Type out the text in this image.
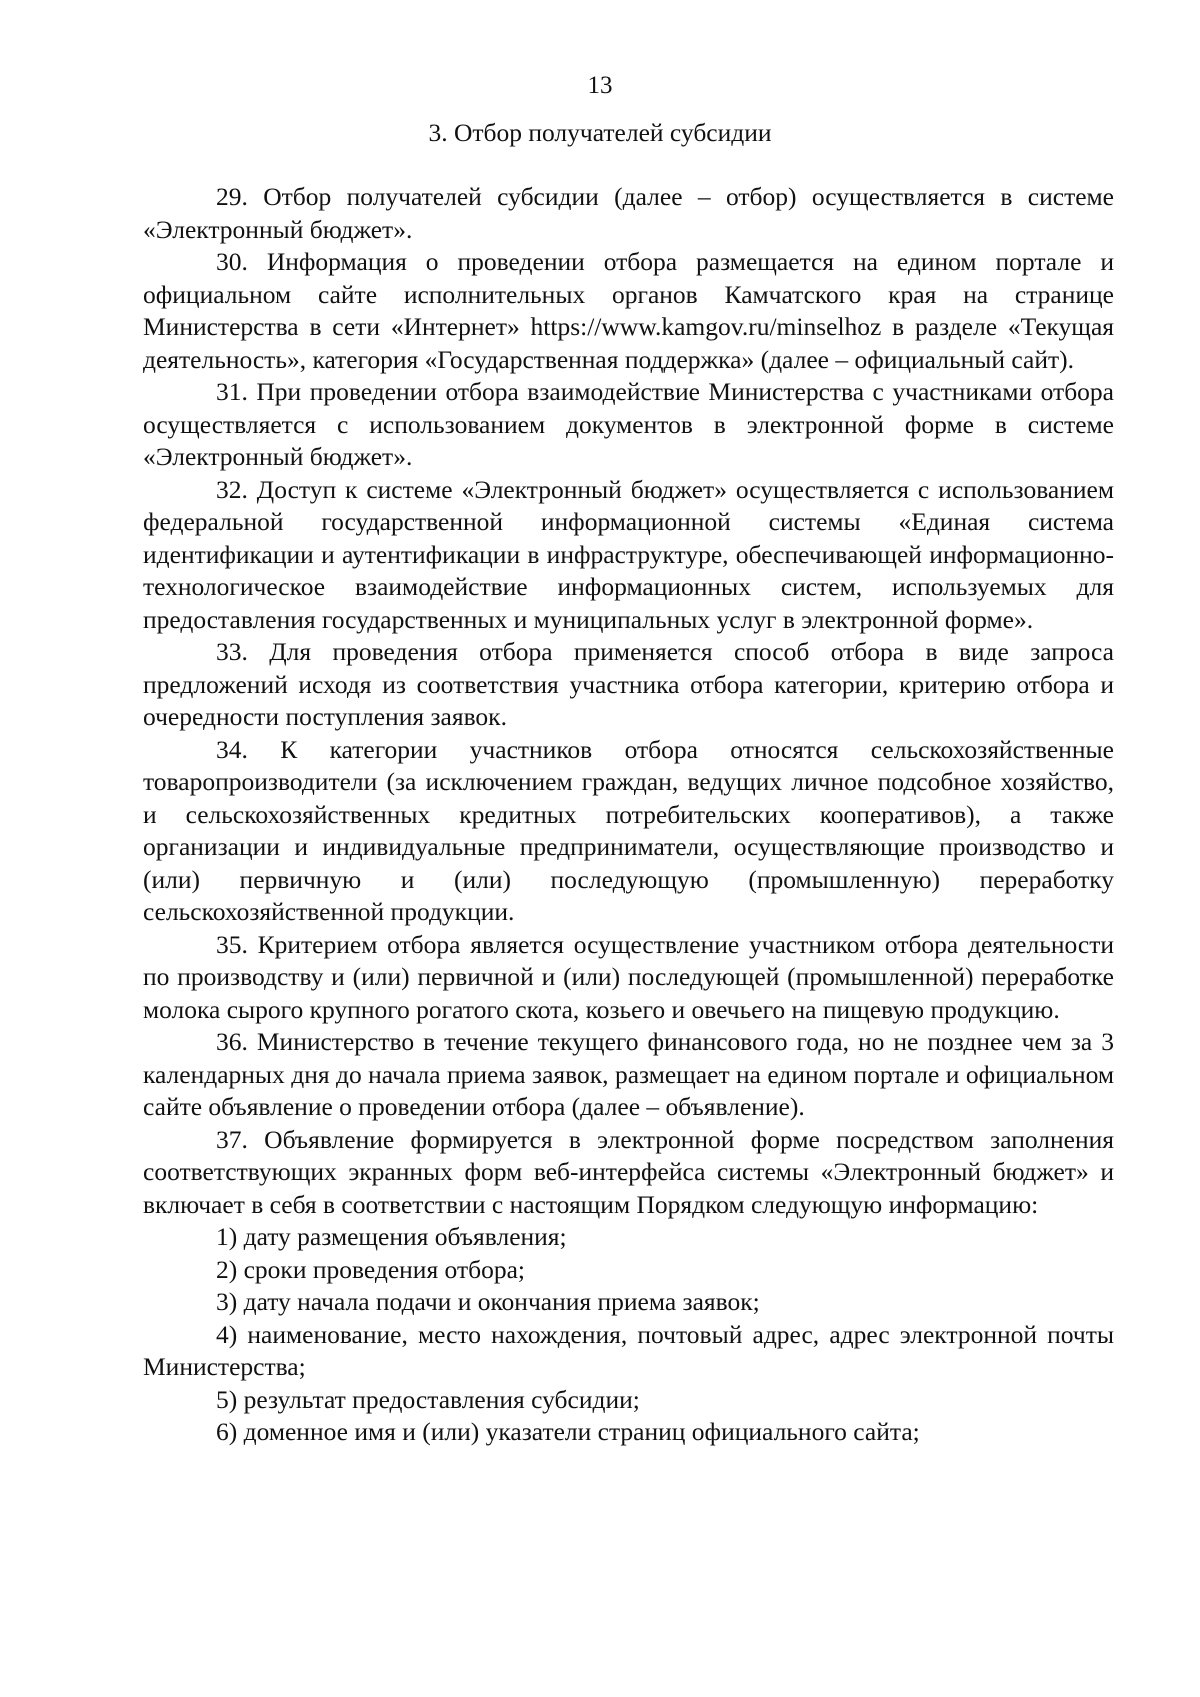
13
3. Отбор получателей субсидии

29. Отбор получателей субсидии (далее – отбор) осуществляется в системе «Электронный бюджет».

30. Информация о проведении отбора размещается на едином портале и официальном сайте исполнительных органов Камчатского края на странице Министерства в сети «Интернет» https://www.kamgov.ru/minselhoz в разделе «Текущая деятельность», категория «Государственная поддержка» (далее – официальный сайт).

31. При проведении отбора взаимодействие Министерства с участниками отбора осуществляется с использованием документов в электронной форме в системе «Электронный бюджет».

32. Доступ к системе «Электронный бюджет» осуществляется с использованием федеральной государственной информационной системы «Единая система идентификации и аутентификации в инфраструктуре, обеспечивающей информационно-технологическое взаимодействие информационных систем, используемых для предоставления государственных и муниципальных услуг в электронной форме».

33. Для проведения отбора применяется способ отбора в виде запроса предложений исходя из соответствия участника отбора категории, критерию отбора и очередности поступления заявок.

34. К категории участников отбора относятся сельскохозяйственные товаропроизводители (за исключением граждан, ведущих личное подсобное хозяйство, и сельскохозяйственных кредитных потребительских кооперативов), а также организации и индивидуальные предприниматели, осуществляющие производство и (или) первичную и (или) последующую (промышленную) переработку сельскохозяйственной продукции.

35. Критерием отбора является осуществление участником отбора деятельности по производству и (или) первичной и (или) последующей (промышленной) переработке молока сырого крупного рогатого скота, козьего и овечьего на пищевую продукцию.

36. Министерство в течение текущего финансового года, но не позднее чем за 3 календарных дня до начала приема заявок, размещает на едином портале и официальном сайте объявление о проведении отбора (далее – объявление).

37. Объявление формируется в электронной форме посредством заполнения соответствующих экранных форм веб-интерфейса системы «Электронный бюджет» и включает в себя в соответствии с настоящим Порядком следующую информацию:

1) дату размещения объявления;

2) сроки проведения отбора;

3) дату начала подачи и окончания приема заявок;

4) наименование, место нахождения, почтовый адрес, адрес электронной почты Министерства;

5) результат предоставления субсидии;

6) доменное имя и (или) указатели страниц официального сайта;
